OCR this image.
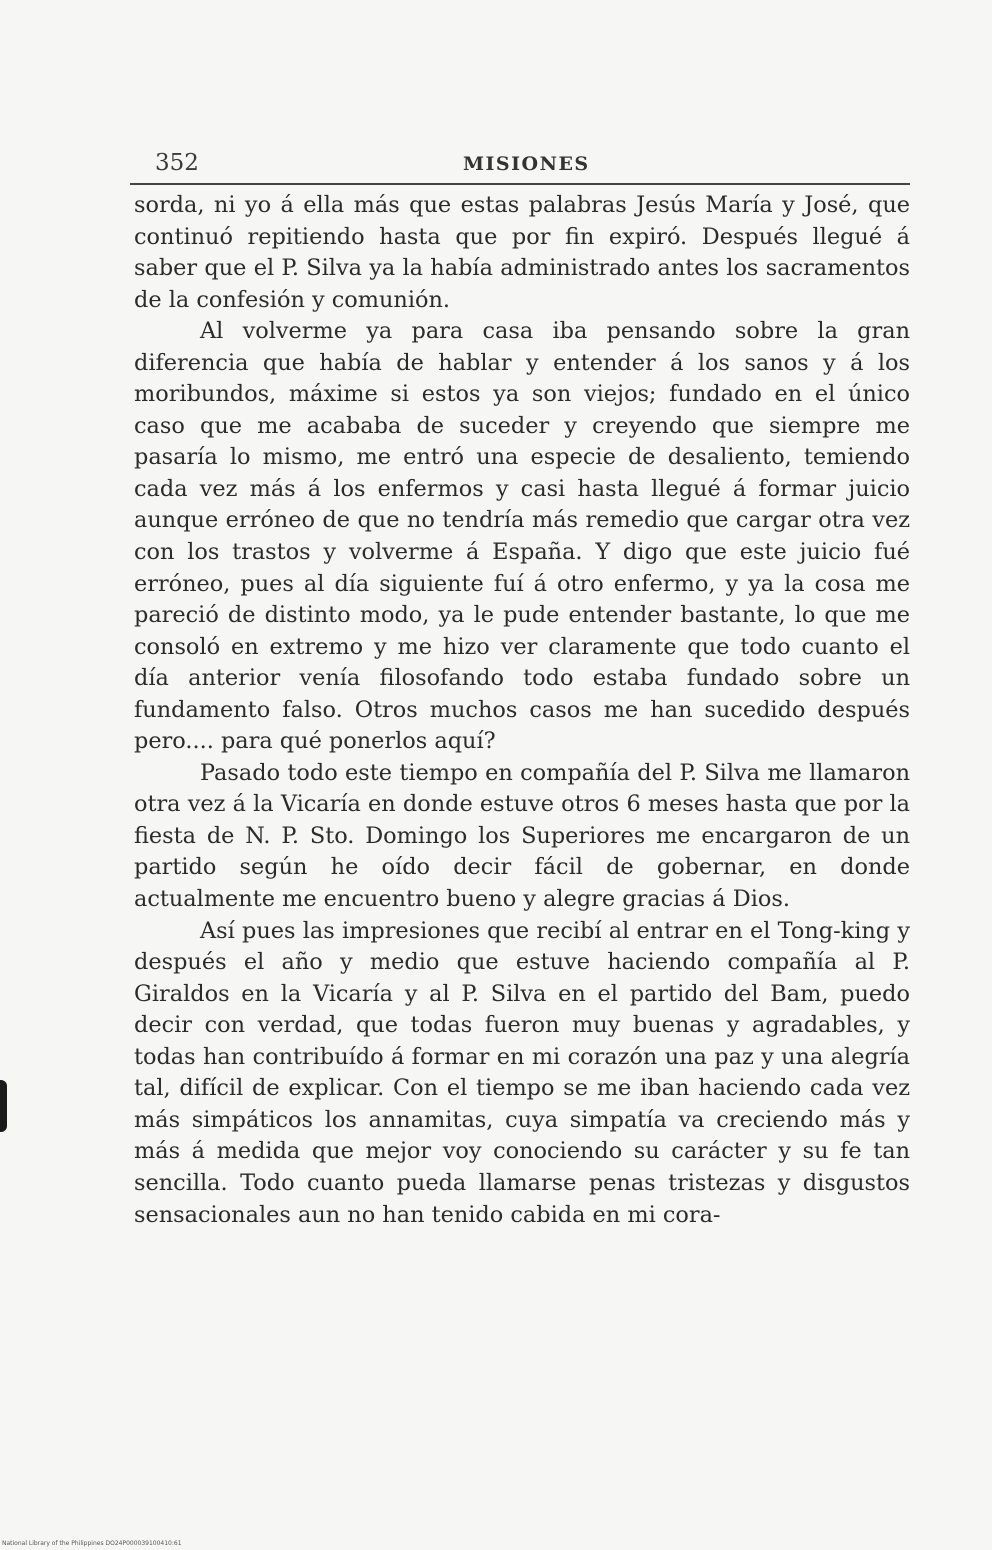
352	MISIONES

sorda, ni yo á ella más que estas palabras Jesús María y José, que continuó repitiendo hasta que por fin expiró. Después llegué á saber que el P. Silva ya la había administrado antes los sacramentos de la confesión y comunión.

Al volverme ya para casa iba pensando sobre la gran diferencia que había de hablar y entender á los sanos y á los moribundos, máxime si estos ya son viejos; fundado en el único caso que me acababa de suceder y creyendo que siempre me pasaría lo mismo, me entró una especie de desaliento, temiendo cada vez más á los enfermos y casi hasta llegué á formar juicio aunque erróneo de que no tendría más remedio que cargar otra vez con los trastos y volverme á España. Y digo que este juicio fué erróneo, pues al día siguiente fuí á otro enfermo, y ya la cosa me pareció de distinto modo, ya le pude entender bastante, lo que me consoló en extremo y me hizo ver claramente que todo cuanto el día anterior venía filosofando todo estaba fundado sobre un fundamento falso. Otros muchos casos me han sucedido después pero.... para qué ponerlos aquí?

Pasado todo este tiempo en compañía del P. Silva me llamaron otra vez á la Vicaría en donde estuve otros 6 meses hasta que por la fiesta de N. P. Sto. Domingo los Superiores me encargaron de un partido según he oído decir fácil de gobernar, en donde actualmente me encuentro bueno y alegre gracias á Dios.

Así pues las impresiones que recibí al entrar en el Tong-king y después el año y medio que estuve haciendo compañía al P. Giraldos en la Vicaría y al P. Silva en el partido del Bam, puedo decir con verdad, que todas fueron muy buenas y agradables, y todas han contribuído á formar en mi corazón una paz y una alegría tal, difícil de explicar. Con el tiempo se me iban haciendo cada vez más simpáticos los annamitas, cuya simpatía va creciendo más y más á medida que mejor voy conociendo su carácter y su fe tan sencilla. Todo cuanto pueda llamarse penas tristezas y disgustos sensacionales aun no han tenido cabida en mi cora-

National Library of the Philippines DO24P000039100410:61
